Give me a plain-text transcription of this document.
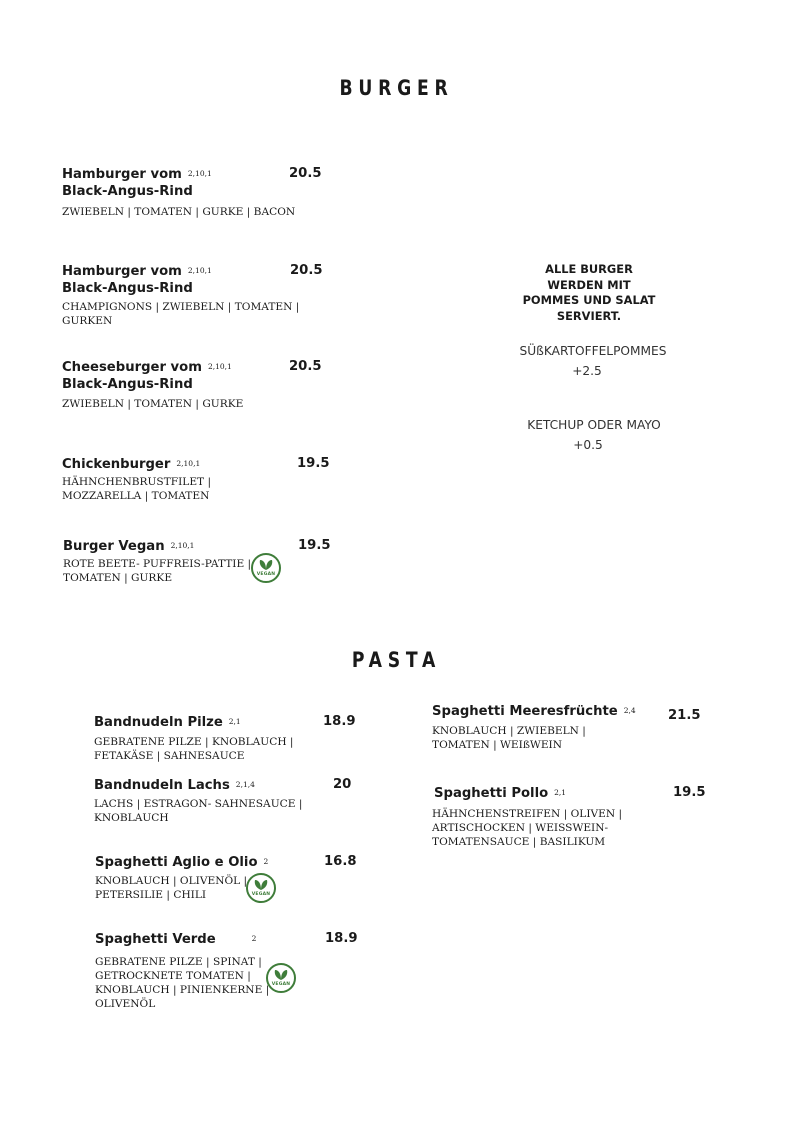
BURGER
Hamburger vom 2,10,1
Black-Angus-Rind
20.5
ZWIEBELN | TOMATEN | GURKE | BACON
Hamburger vom 2,10,1
Black-Angus-Rind
20.5
CHAMPIGNONS | ZWIEBELN | TOMATEN |
GURKEN
Cheeseburger vom 2,10,1
Black-Angus-Rind
20.5
ZWIEBELN | TOMATEN | GURKE
Chickenburger 2,10,1	19.5
HÄHNCHENBRUSTFILET |
MOZZARELLA | TOMATEN
Burger Vegan 2,10,1	19.5
ROTE BEETE- PUFFREIS-PATTIE |
TOMATEN | GURKE	VEGAN
ALLE BURGER
WERDEN MIT
POMMES UND SALAT
SERVIERT.
SÜßKARTOFFELPOMMES
+2.5
KETCHUP ODER MAYO
+0.5
PASTA
Bandnudeln Pilze 2,1	18.9
GEBRATENE PILZE | KNOBLAUCH |
FETAKÄSE | SAHNESAUCE
Bandnudeln Lachs 2,1,4	20
LACHS | ESTRAGON- SAHNESAUCE |
KNOBLAUCH
Spaghetti Aglio e Olio 2	16.8
KNOBLAUCH | OLIVENÖL |
PETERSILIE | CHILI	VEGAN
Spaghetti Verde	2	18.9
GEBRATENE PILZE | SPINAT |
GETROCKNETE TOMATEN |
KNOBLAUCH | PINIENKERNE |
OLIVENÖL
VEGAN
Spaghetti Meeresfrüchte 2,4 21.5
KNOBLAUCH | ZWIEBELN |
TOMATEN | WEIßWEIN
Spaghetti Pollo 2,1	19.5
HÄHNCHENSTREIFEN | OLIVEN |
ARTISCHOCKEN | WEISSWEIN-
TOMATENSAUCE | BASILIKUM
